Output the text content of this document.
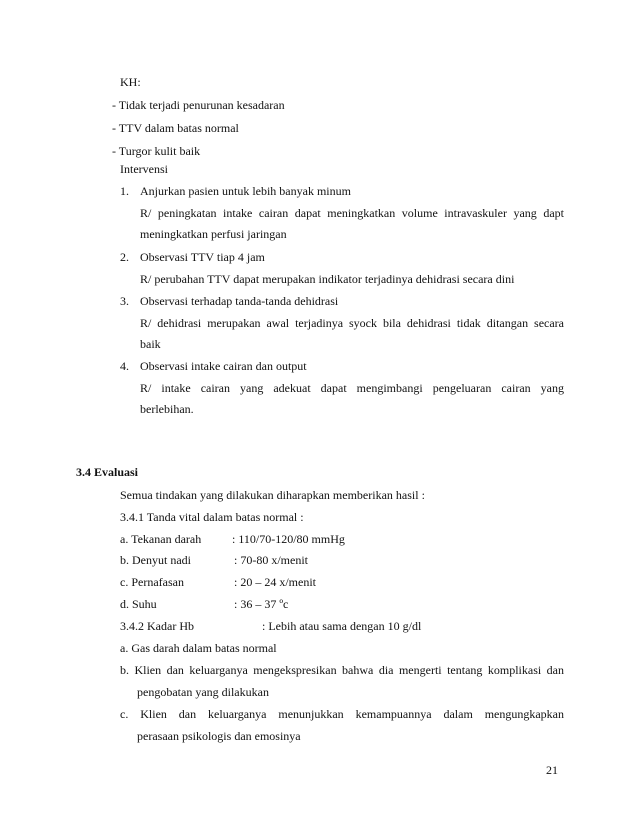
KH:
- Tidak terjadi penurunan kesadaran
- TTV dalam batas normal
- Turgor kulit baik
Intervensi
1. Anjurkan pasien untuk lebih banyak minum
R/ peningkatan intake cairan dapat meningkatkan volume intravaskuler yang dapt
meningkatkan perfusi jaringan
2. Observasi TTV tiap 4 jam
R/ perubahan TTV dapat merupakan indikator terjadinya dehidrasi secara dini
3. Observasi terhadap tanda-tanda dehidrasi
R/ dehidrasi merupakan awal terjadinya syock bila dehidrasi tidak ditangan secara
baik
4. Observasi intake cairan dan output
R/ intake cairan yang adekuat dapat mengimbangi pengeluaran cairan yang
berlebihan.
3.4 Evaluasi
Semua tindakan yang dilakukan diharapkan memberikan hasil :
3.4.1 Tanda vital dalam batas normal :
a. Tekanan darah	: 110/70-120/80 mmHg
b. Denyut nadi	: 70-80 x/menit
c. Pernafasan	: 20 – 24 x/menit
d. Suhu	: 36 – 37 ºc
3.4.2 Kadar Hb	: Lebih atau sama dengan 10 g/dl
a. Gas darah dalam batas normal
b. Klien dan keluarganya mengekspresikan bahwa dia mengerti tentang komplikasi dan
pengobatan yang dilakukan
c. Klien dan keluarganya menunjukkan kemampuannya dalam mengungkapkan
perasaan psikologis dan emosinya
21
